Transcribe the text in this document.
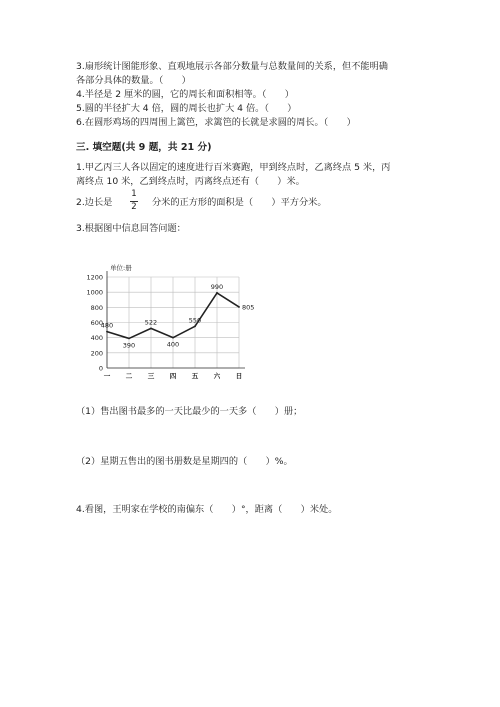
3.扇形统计图能形象、直观地展示各部分数量与总数量间的关系，但不能明确
各部分具体的数量。（　　）
4.半径是 2 厘米的圆，它的周长和面积相等。（　　）
5.圆的半径扩大 4 倍，圆的周长也扩大 4 倍。（　　）
6.在圆形鸡场的四周围上篱笆，求篱笆的长就是求圆的周长。（　　）
三. 填空题(共 9 题，共 21 分)
1.甲乙丙三人各以固定的速度进行百米赛跑，甲到终点时，乙离终点 5 米，丙
离终点 10 米，乙到终点时，丙离终点还有（　　）米。
2.边长是
1
2 分米的正方形的面积是（　　）平方分米。
3.根据图中信息回答问题：
0
200
400
600
800
1000
1200
一 二 三 四 五 六 日
单位:册
480
390
522
400
550
990
805
（1）售出图书最多的一天比最少的一天多（　　）册；
（2）星期五售出的图书册数是星期四的（　　）%。
4.看图，王明家在学校的南偏东（　　）°，距离（　　）米处。
